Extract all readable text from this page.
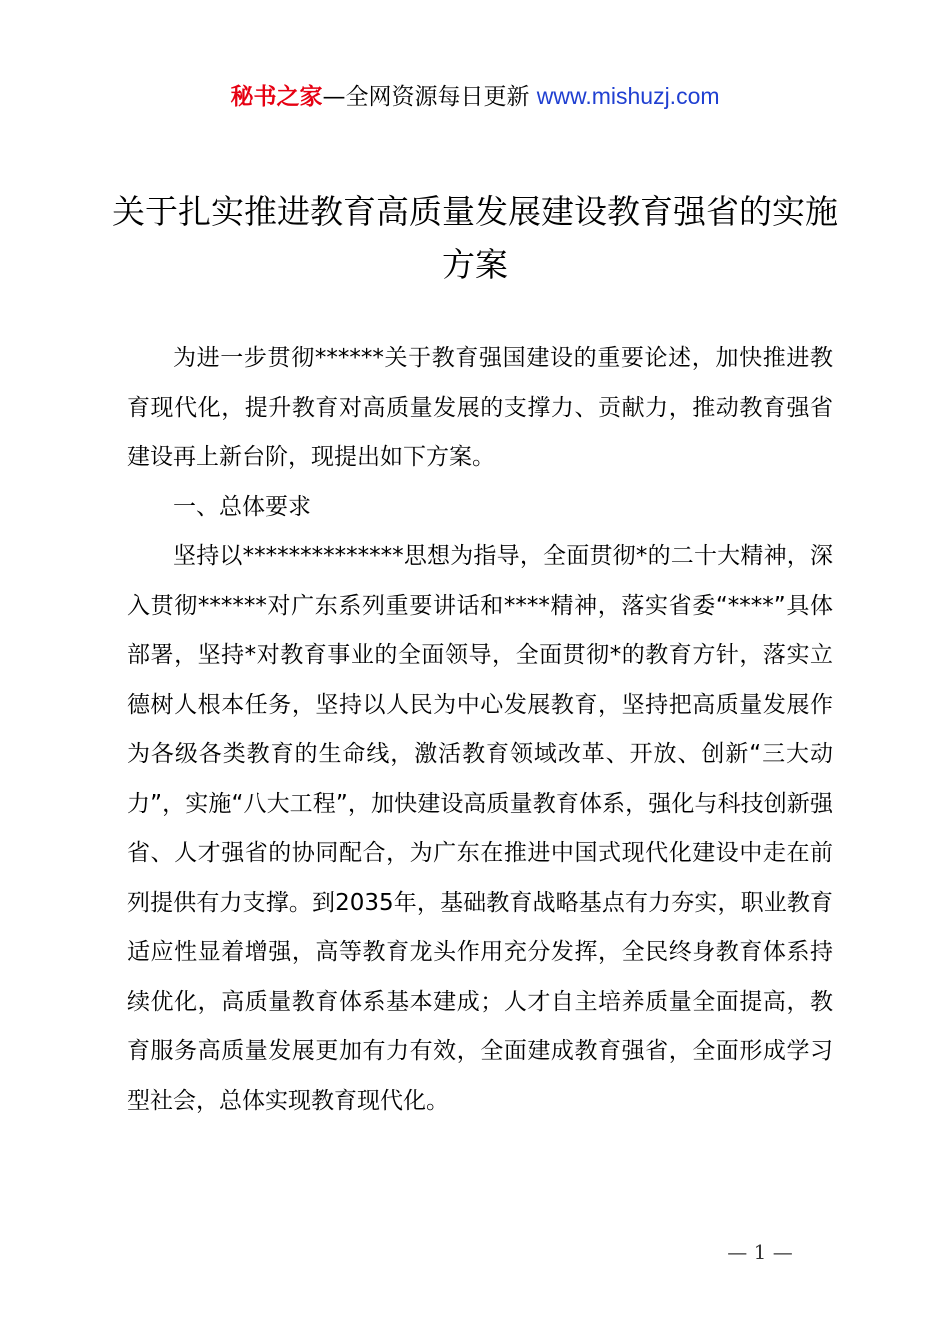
秘书之家—全网资源每日更新 www.mishuzj.com
关于扎实推进教育高质量发展建设教育强省的实施方案

为进一步贯彻******关于教育强国建设的重要论述，加快推进教育现代化，提升教育对高质量发展的支撑力、贡献力，推动教育强省建设再上新台阶，现提出如下方案。

一、总体要求

坚持以**************思想为指导，全面贯彻*的二十大精神，深入贯彻******对广东系列重要讲话和****精神，落实省委“****”具体部署，坚持*对教育事业的全面领导，全面贯彻*的教育方针，落实立德树人根本任务，坚持以人民为中心发展教育，坚持把高质量发展作为各级各类教育的生命线，激活教育领域改革、开放、创新“三大动力”，实施“八大工程”，加快建设高质量教育体系，强化与科技创新强省、人才强省的协同配合，为广东在推进中国式现代化建设中走在前列提供有力支撑。到2035年，基础教育战略基点有力夯实，职业教育适应性显着增强，高等教育龙头作用充分发挥，全民终身教育体系持续优化，高质量教育体系基本建成；人才自主培养质量全面提高，教育服务高质量发展更加有力有效，全面建成教育强省，全面形成学习型社会，总体实现教育现代化。

— 1 —
